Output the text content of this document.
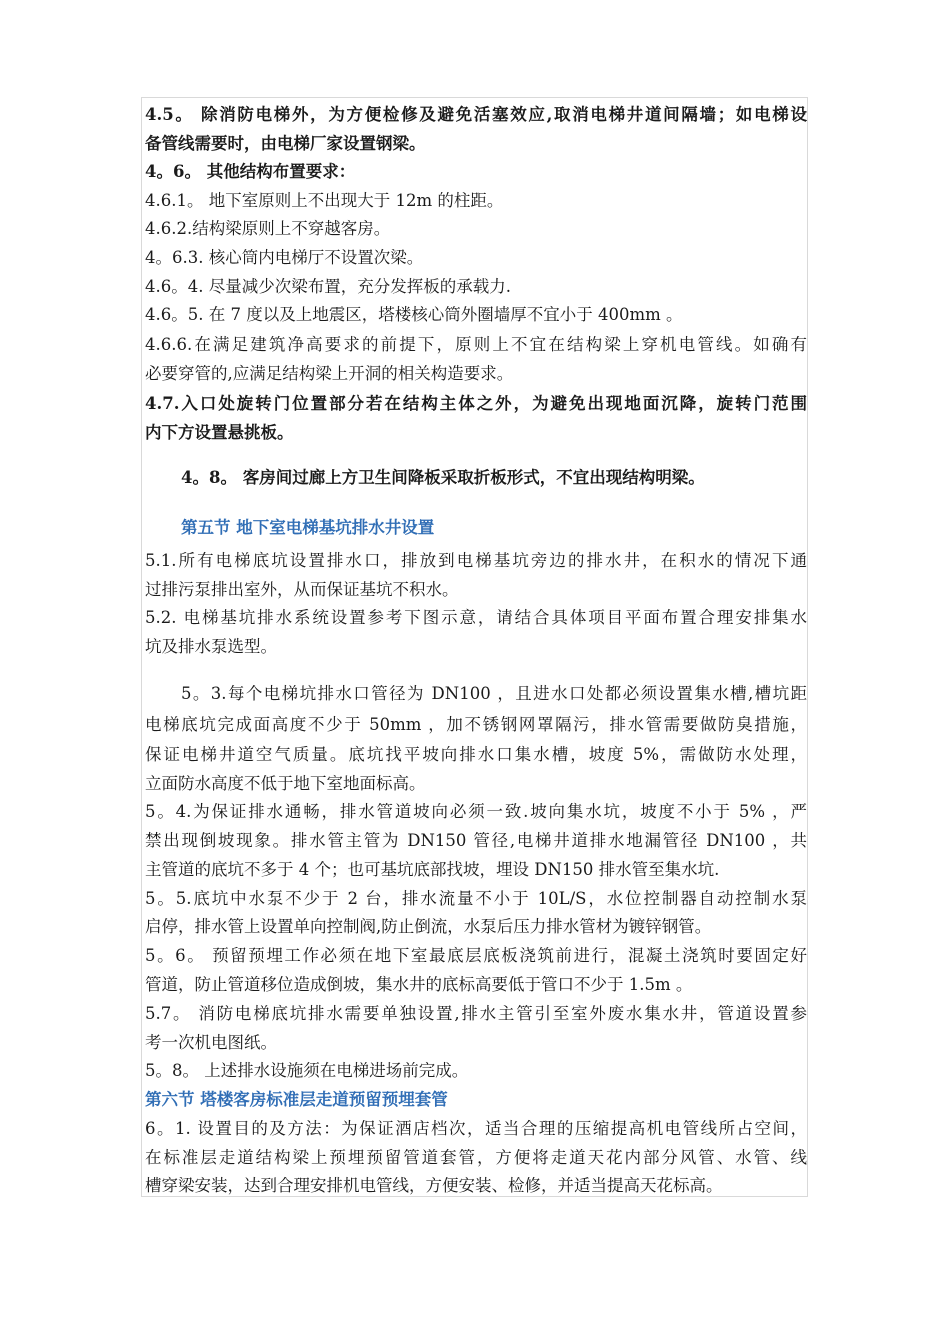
4.5。 除消防电梯外，为方便检修及避免活塞效应,取消电梯井道间隔墙；如电梯设
备管线需要时，由电梯厂家设置钢梁。
4。6。 其他结构布置要求：
4.6.1。 地下室原则上不出现大于 12m 的柱距。
4.6.2.结构梁原则上不穿越客房。
4。6.3. 核心筒内电梯厅不设置次梁。
4.6。4. 尽量减少次梁布置，充分发挥板的承载力.
4.6。5. 在 7 度以及上地震区，塔楼核心筒外圈墙厚不宜小于 400mm 。
4.6.6.在满足建筑净高要求的前提下，原则上不宜在结构梁上穿机电管线。如确有
必要穿管的,应满足结构梁上开洞的相关构造要求。
4.7.入口处旋转门位置部分若在结构主体之外，为避免出现地面沉降，旋转门范围
内下方设置悬挑板。
4。8。 客房间过廊上方卫生间降板采取折板形式，不宜出现结构明梁。
第五节 地下室电梯基坑排水井设置
5.1.所有电梯底坑设置排水口，排放到电梯基坑旁边的排水井，在积水的情况下通
过排污泵排出室外，从而保证基坑不积水。
5.2. 电梯基坑排水系统设置参考下图示意，请结合具体项目平面布置合理安排集水
坑及排水泵选型。
5。3.每个电梯坑排水口管径为 DN100 ，且进水口处都必须设置集水槽,槽坑距
电梯底坑完成面高度不少于 50mm ，加不锈钢网罩隔污，排水管需要做防臭措施，
保证电梯井道空气质量。底坑找平坡向排水口集水槽，坡度 5%，需做防水处理，
立面防水高度不低于地下室地面标高。
5。4.为保证排水通畅，排水管道坡向必须一致.坡向集水坑，坡度不小于 5% ，严
禁出现倒坡现象。排水管主管为 DN150 管径,电梯井道排水地漏管径 DN100 ，共
主管道的底坑不多于 4 个；也可基坑底部找坡，埋设 DN150 排水管至集水坑.
5。5.底坑中水泵不少于 2 台，排水流量不小于 10L/S，水位控制器自动控制水泵
启停，排水管上设置单向控制阀,防止倒流，水泵后压力排水管材为镀锌钢管。
5。6。 预留预埋工作必须在地下室最底层底板浇筑前进行，混凝土浇筑时要固定好
管道，防止管道移位造成倒坡，集水井的底标高要低于管口不少于 1.5m 。
5.7。 消防电梯底坑排水需要单独设置,排水主管引至室外废水集水井，管道设置参
考一次机电图纸。
5。8。 上述排水设施须在电梯进场前完成。
第六节 塔楼客房标准层走道预留预埋套管
6。1. 设置目的及方法：为保证酒店档次，适当合理的压缩提高机电管线所占空间，
在标准层走道结构梁上预埋预留管道套管，方便将走道天花内部分风管、水管、线
槽穿梁安装，达到合理安排机电管线，方便安装、检修，并适当提高天花标高。
